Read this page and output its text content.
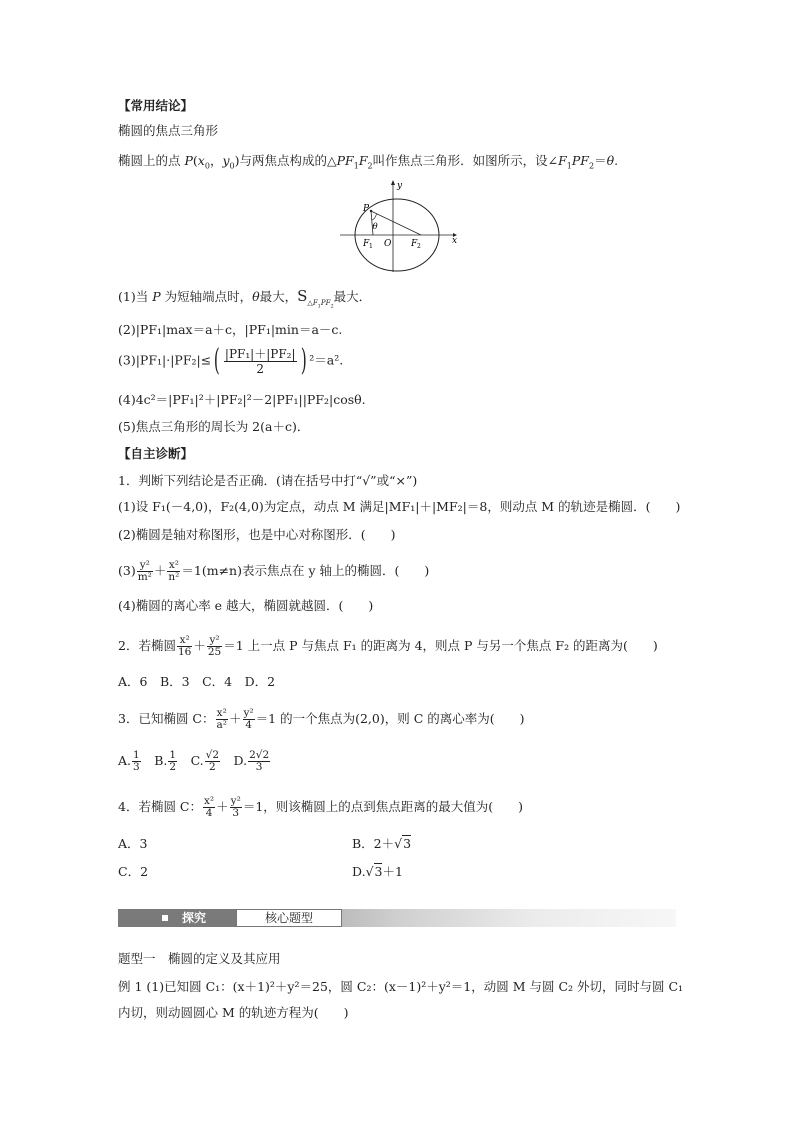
【常用结论】
椭圆的焦点三角形
椭圆上的点 $P(x_0$，$y_0$)与两焦点构成的$\triangle PF_1F_2$叫作焦点三角形．如图所示，设$\angle F_1PF_2=\theta$.
y
x
P
θ
F 1 O F 2
(1)当 P 为短轴端点时，θ最大，$S_{\triangle F_1PF_2}$最大．
(2)|PF₁|max＝a＋c，|PF₁|min＝a－c.
$(3)|PF_1|\cdot|PF_2|\le( \frac{\text{|PF₁|＋|PF₂|}}{2}$ ) ²＝a².
(4)4c²＝|PF₁|²＋|PF₂|²－2|PF₁||PF₂|cosθ.
(5)焦点三角形的周长为 2(a＋c)．
【自主诊断】
1．判断下列结论是否正确．(请在括号中打“√”或“×”)
(1)设 F₁(－4,0)，F₂(4,0)为定点，动点 M 满足|MF₁|＋|MF₂|＝8，则动点 M 的轨迹是椭圆．(　　)
(2)椭圆是轴对称图形，也是中心对称图形．(　　)
$(3) \frac{\text{y²}}{\text{m²}} + \frac{\text{x²}}{\text{n²}} =1(m\ne n)$表示焦点在 y 轴上的椭圆．(　　)
(4)椭圆的离心率 e 越大，椭圆就越圆．(　　)
2．若椭圆 $\frac{\text{x²}}{16} + \frac{\text{y²}}{25} =1$ 上一点 P 与焦点 F₁ 的距离为 4，则点 P 与另一个焦点 F₂ 的距离为(　　)
A．6　B．3　C．4　D．2
3．已知椭圆 C： $\frac{\text{x²}}{\text{a²}} + \frac{\text{y²}}{4} =1$ 的一个焦点为(2,0)，则 C 的离心率为(　　)
A. $\frac{1}{3}$
  B. $\frac{1}{2}$
  C. $\frac{√2}{2}$
  D. $\frac{2√2}{3}$
4．若椭圆 C： $\frac{\text{x²}}{4} + \frac{\text{y²}}{3} =1$，则该椭圆上的点到焦点距离的最大值为(　　)
A．3	B．2＋√3
C．2	D.√3＋1
探究	核心题型
题型一　椭圆的定义及其应用
例 1 (1)已知圆 C₁：(x＋1)²＋y²＝25，圆 C₂：(x－1)²＋y²＝1，动圆 M 与圆 C₂ 外切，同时与圆 C₁
内切，则动圆圆心 M 的轨迹方程为(　　)
